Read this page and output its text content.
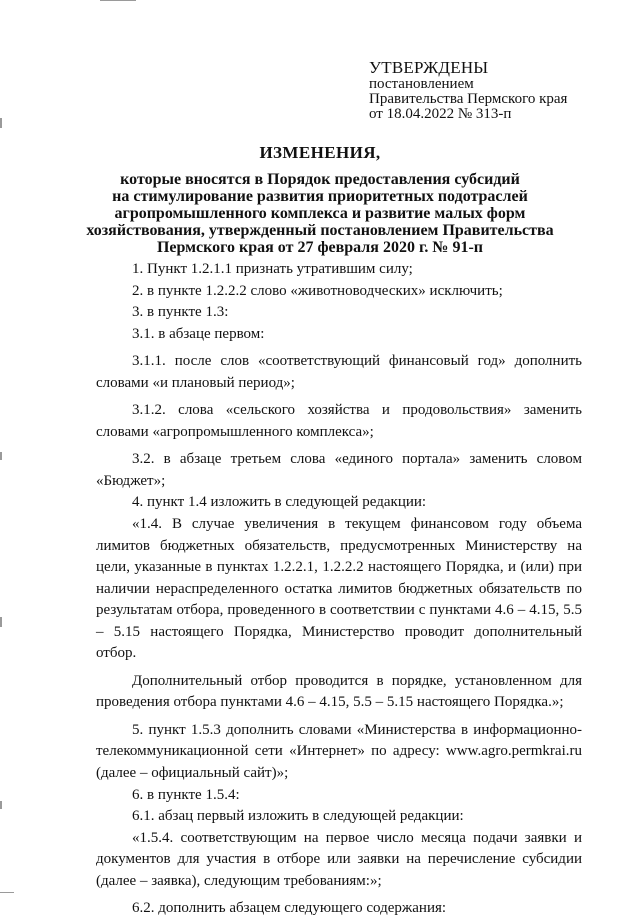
УТВЕРЖДЕНЫ
постановлением
Правительства Пермского края
от 18.04.2022 № 313-п
ИЗМЕНЕНИЯ,
которые вносятся в Порядок предоставления субсидий
на стимулирование развития приоритетных подотраслей
агропромышленного комплекса и развитие малых форм
хозяйствования, утвержденный постановлением Правительства
Пермского края от 27 февраля 2020 г. № 91-п

1. Пункт 1.2.1.1 признать утратившим силу;

2. в пункте 1.2.2.2 слово «животноводческих» исключить;

3. в пункте 1.3:

3.1. в абзаце первом:

3.1.1. после слов «соответствующий финансовый год» дополнить словами «и плановый период»;

3.1.2. слова «сельского хозяйства и продовольствия» заменить словами «агропромышленного комплекса»;

3.2. в абзаце третьем слова «единого портала» заменить словом «Бюджет»;

4. пункт 1.4 изложить в следующей редакции:

«1.4. В случае увеличения в текущем финансовом году объема лимитов бюджетных обязательств, предусмотренных Министерству на цели, указанные в пунктах 1.2.2.1, 1.2.2.2 настоящего Порядка, и (или) при наличии нераспределенного остатка лимитов бюджетных обязательств по результатам отбора, проведенного в соответствии с пунктами 4.6 – 4.15, 5.5 – 5.15 настоящего Порядка, Министерство проводит дополнительный отбор.

Дополнительный отбор проводится в порядке, установленном для проведения отбора пунктами 4.6 – 4.15, 5.5 – 5.15 настоящего Порядка.»;

5. пункт 1.5.3 дополнить словами «Министерства в информационно-телекоммуникационной сети «Интернет» по адресу: www.agro.permkrai.ru (далее – официальный сайт)»;

6. в пункте 1.5.4:

6.1. абзац первый изложить в следующей редакции:

«1.5.4. соответствующим на первое число месяца подачи заявки и документов для участия в отборе или заявки на перечисление субсидии (далее – заявка), следующим требованиям:»;

6.2. дополнить абзацем следующего содержания:
